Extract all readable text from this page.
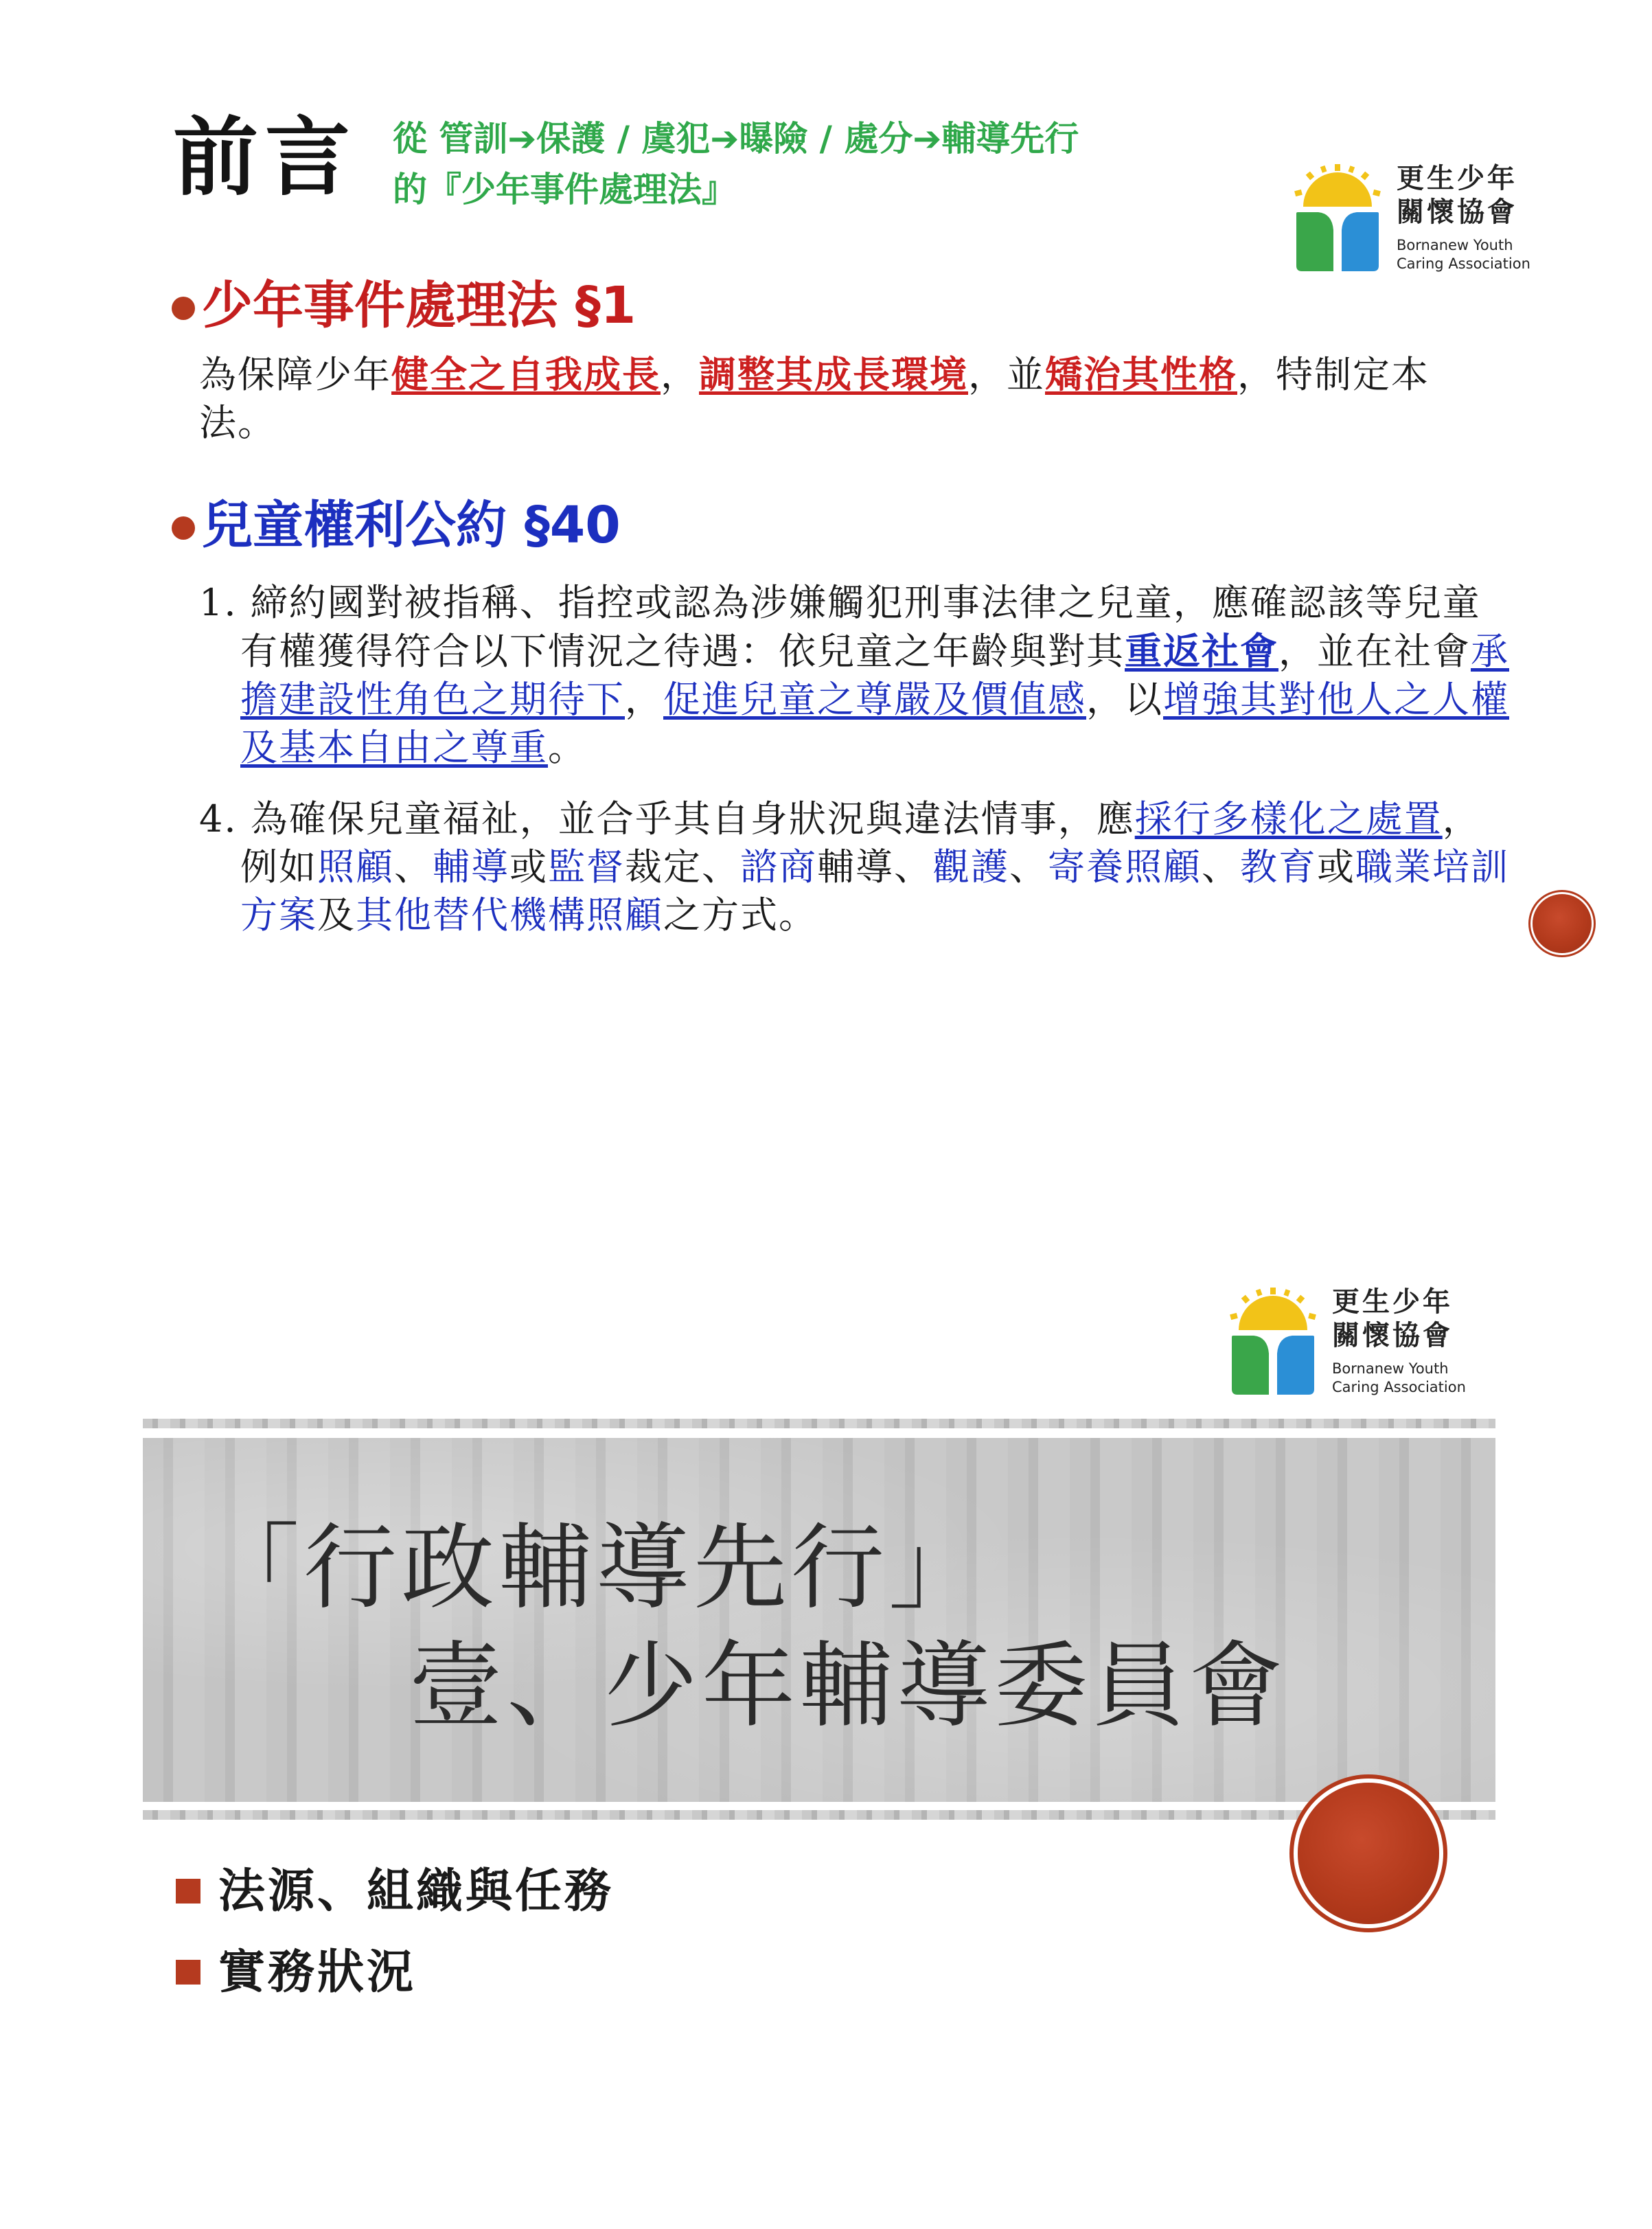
前言 從 管訓➔保護 / 虞犯➔曝險 / 處分➔輔導先行
的『少年事件處理法』	更生少年
關懷協會
Bornanew Youth
Caring Association
少年事件處理法 §1
為保障少年健全之自我成長，調整其成長環境，並矯治其性格，特制定本法。
兒童權利公約 §40
1. 締約國對被指稱、指控或認為涉嫌觸犯刑事法律之兒童，應確認該等兒童有權獲得符合以下情況之待遇：依兒童之年齡與對其重返社會，並在社會承擔建設性角色之期待下，促進兒童之尊嚴及價值感，以增強其對他人之人權及基本自由之尊重。
4. 為確保兒童福祉，並合乎其自身狀況與違法情事，應採行多樣化之處置，例如照顧、輔導或監督裁定、諮商輔導、觀護、寄養照顧、教育或職業培訓方案及其他替代機構照顧之方式。
更生少年
關懷協會
Bornanew Youth
Caring Association
「行政輔導先行」
壹、少年輔導委員會
法源、組織與任務
實務狀況
